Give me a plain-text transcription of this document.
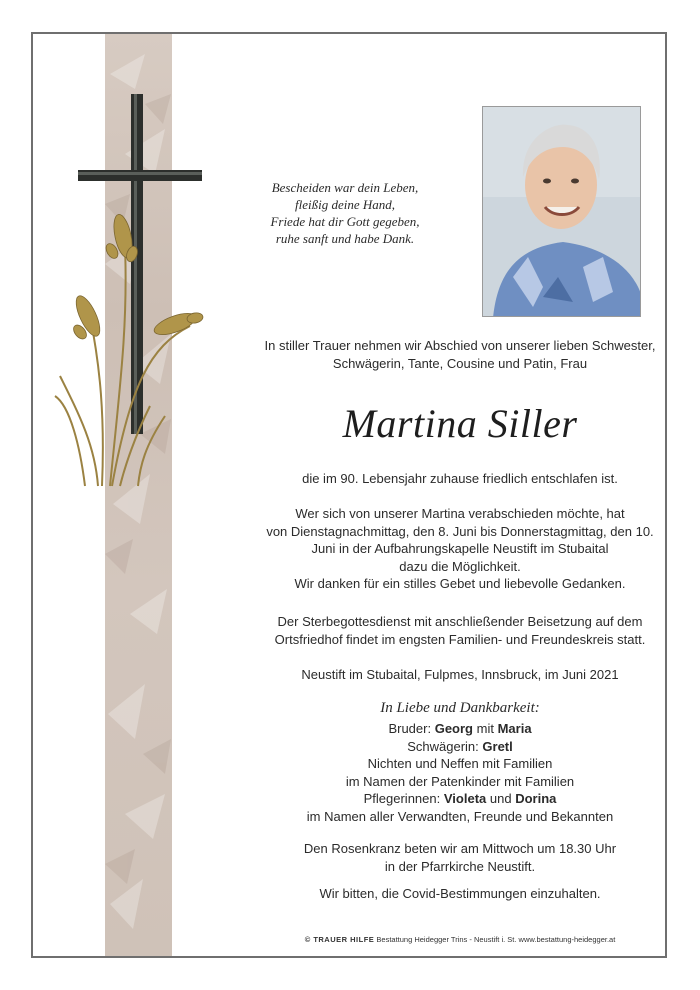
Bescheiden war dein Leben,
fleißig deine Hand,
Friede hat dir Gott gegeben,
ruhe sanft und habe Dank.
In stiller Trauer nehmen wir Abschied von unserer lieben Schwester,
Schwägerin, Tante, Cousine und Patin, Frau
Martina Siller
die im 90. Lebensjahr zuhause friedlich entschlafen ist.
Wer sich von unserer Martina verabschieden möchte, hat
von Dienstagnachmittag, den 8. Juni bis Donnerstagmittag, den 10.
Juni in der Aufbahrungskapelle Neustift im Stubaital
dazu die Möglichkeit.
Wir danken für ein stilles Gebet und liebevolle Gedanken.
Der Sterbegottesdienst mit anschließender Beisetzung auf dem
Ortsfriedhof findet im engsten Familien- und Freundeskreis statt.
Neustift im Stubaital, Fulpmes, Innsbruck, im Juni 2021
In Liebe und Dankbarkeit:
Bruder: Georg mit Maria
Schwägerin: Gretl
Nichten und Neffen mit Familien
im Namen der Patenkinder mit Familien
Pflegerinnen: Violeta und Dorina
im Namen aller Verwandten, Freunde und Bekannten
Den Rosenkranz beten wir am Mittwoch um 18.30 Uhr
in der Pfarrkirche Neustift.
Wir bitten, die Covid-Bestimmungen einzuhalten.
© TRAUER HILFE Bestattung Heidegger Trins - Neustift i. St. www.bestattung-heidegger.at
